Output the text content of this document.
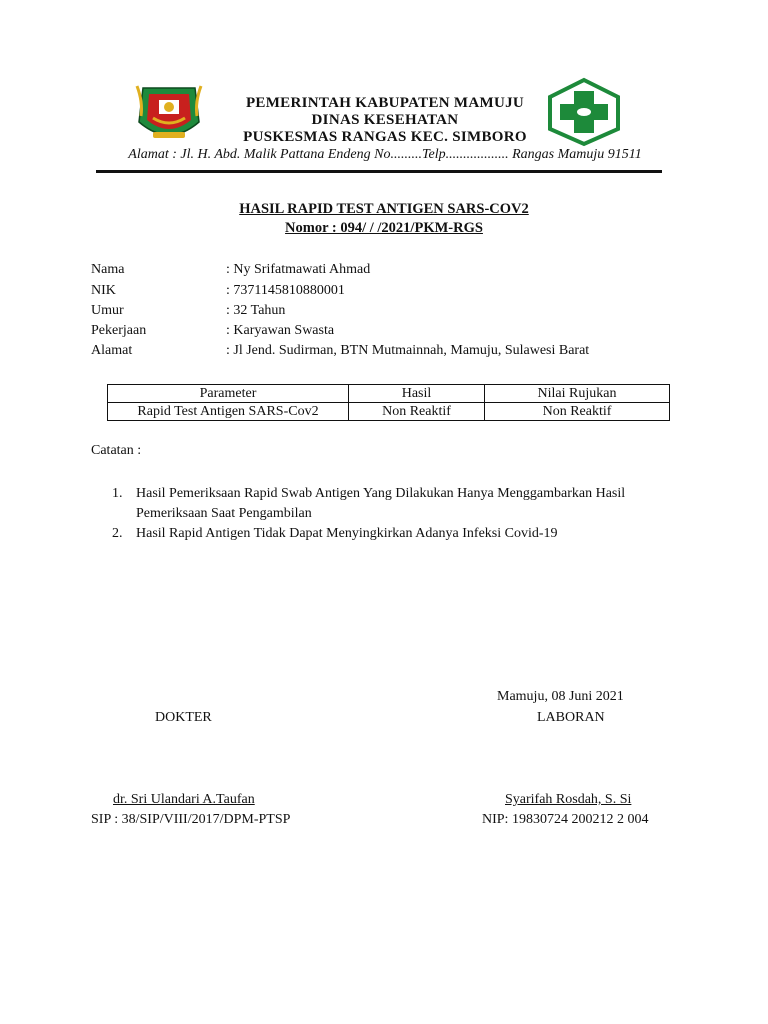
PEMERINTAH KABUPATEN MAMUJU
DINAS KESEHATAN
PUSKESMAS RANGAS KEC. SIMBORO
Alamat : Jl. H. Abd. Malik Pattana Endeng No.........Telp.................. Rangas Mamuju 91511
HASIL RAPID TEST ANTIGEN SARS-COV2
Nomor : 094/ / /2021/PKM-RGS
Nama	: Ny Srifatmawati Ahmad
NIK	: 7371145810880001
Umur	: 32 Tahun
Pekerjaan	: Karyawan Swasta
Alamat	: Jl Jend. Sudirman, BTN Mutmainnah, Mamuju, Sulawesi Barat
Parameter	Hasil	Nilai Rujukan
Rapid Test Antigen SARS-Cov2	Non Reaktif	Non Reaktif
Catatan :
1. Hasil Pemeriksaan Rapid Swab Antigen Yang Dilakukan Hanya Menggambarkan Hasil Pemeriksaan Saat Pengambilan
2. Hasil Rapid Antigen Tidak Dapat Menyingkirkan Adanya Infeksi Covid-19
Mamuju, 08 Juni 2021
DOKTER	LABORAN
dr. Sri Ulandari A.Taufan
SIP : 38/SIP/VIII/2017/DPM-PTSP
Syarifah Rosdah, S. Si
NIP: 19830724 200212 2 004
